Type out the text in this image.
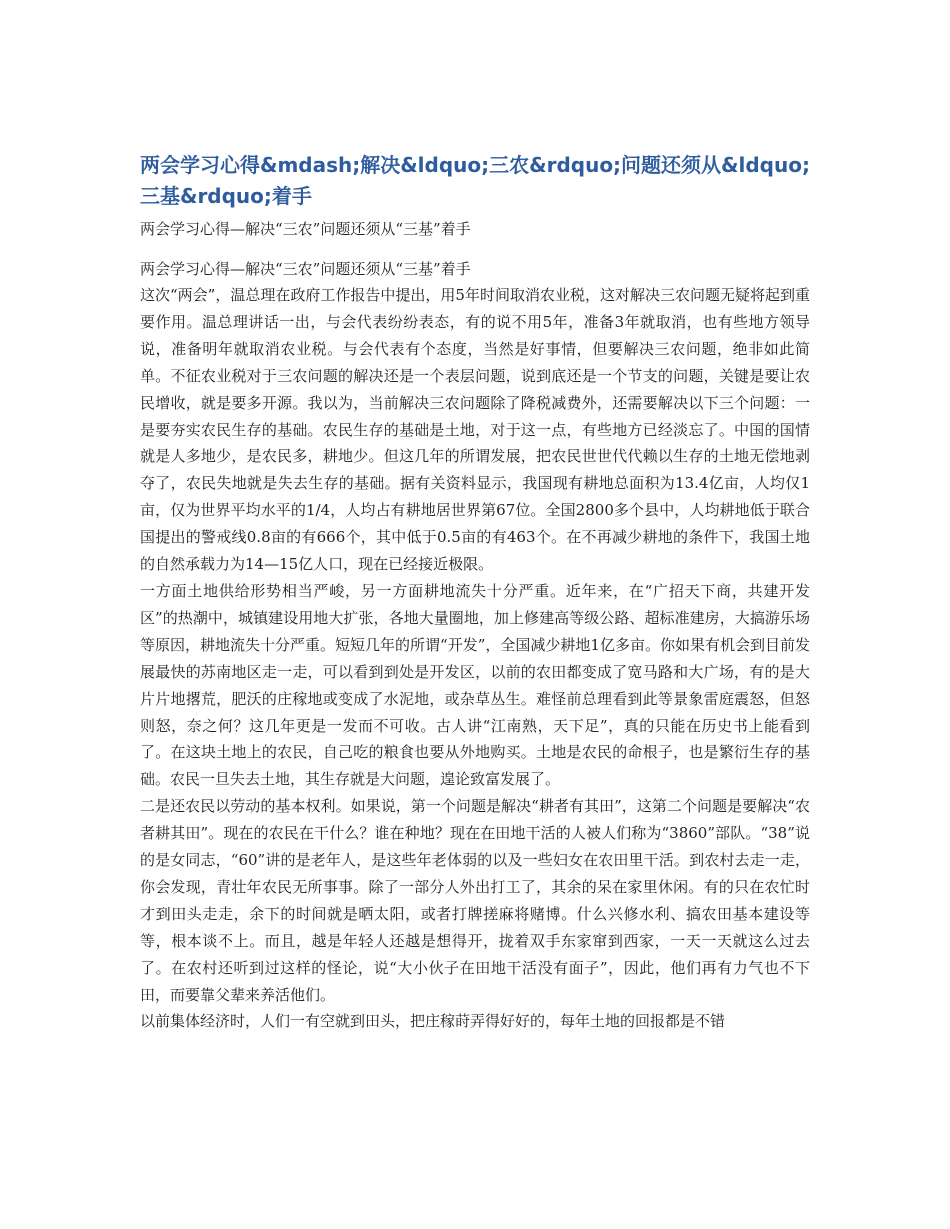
两会学习心得&mdash;解决&ldquo;三农&rdquo;问题还须从&ldquo;三基&rdquo;着手

两会学习心得—解决“三农”问题还须从“三基”着手

两会学习心得—解决“三农”问题还须从“三基”着手

这次“两会”，温总理在政府工作报告中提出，用5年时间取消农业税，这对解决三农问题无疑将起到重要作用。温总理讲话一出，与会代表纷纷表态，有的说不用5年，准备3年就取消，也有些地方领导说，准备明年就取消农业税。与会代表有个态度，当然是好事情，但要解决三农问题，绝非如此简单。不征农业税对于三农问题的解决还是一个表层问题，说到底还是一个节支的问题，关键是要让农民增收，就是要多开源。我以为，当前解决三农问题除了降税减费外，还需要解决以下三个问题：一是要夯实农民生存的基础。农民生存的基础是土地，对于这一点，有些地方已经淡忘了。中国的国情就是人多地少，是农民多，耕地少。但这几年的所谓发展，把农民世世代代赖以生存的土地无偿地剥夺了，农民失地就是失去生存的基础。据有关资料显示，我国现有耕地总面积为13.4亿亩，人均仅1亩，仅为世界平均水平的1/4，人均占有耕地居世界第67位。全国2800多个县中，人均耕地低于联合国提出的警戒线0.8亩的有666个，其中低于0.5亩的有463个。在不再减少耕地的条件下，我国土地的自然承载力为14—15亿人口，现在已经接近极限。

一方面土地供给形势相当严峻，另一方面耕地流失十分严重。近年来，在“广招天下商，共建开发区”的热潮中，城镇建设用地大扩张，各地大量圈地，加上修建高等级公路、超标准建房，大搞游乐场等原因，耕地流失十分严重。短短几年的所谓“开发”，全国减少耕地1亿多亩。你如果有机会到目前发展最快的苏南地区走一走，可以看到到处是开发区，以前的农田都变成了宽马路和大广场，有的是大片片地撂荒，肥沃的庄稼地或变成了水泥地，或杂草丛生。难怪前总理看到此等景象雷庭震怒，但怒则怒，奈之何？这几年更是一发而不可收。古人讲“江南熟，天下足”，真的只能在历史书上能看到了。在这块土地上的农民，自己吃的粮食也要从外地购买。土地是农民的命根子，也是繁衍生存的基础。农民一旦失去土地，其生存就是大问题，遑论致富发展了。

二是还农民以劳动的基本权利。如果说，第一个问题是解决“耕者有其田”，这第二个问题是要解决“农者耕其田”。现在的农民在干什么？谁在种地？现在在田地干活的人被人们称为“3860”部队。“38”说的是女同志，“60”讲的是老年人，是这些年老体弱的以及一些妇女在农田里干活。到农村去走一走，你会发现，青壮年农民无所事事。除了一部分人外出打工了，其余的呆在家里休闲。有的只在农忙时才到田头走走，余下的时间就是晒太阳，或者打牌搓麻将赌博。什么兴修水利、搞农田基本建设等等，根本谈不上。而且，越是年轻人还越是想得开，拢着双手东家窜到西家，一天一天就这么过去了。在农村还听到过这样的怪论，说“大小伙子在田地干活没有面子”，因此，他们再有力气也不下田，而要靠父辈来养活他们。

以前集体经济时，人们一有空就到田头，把庄稼莳弄得好好的，每年土地的回报都是不错
